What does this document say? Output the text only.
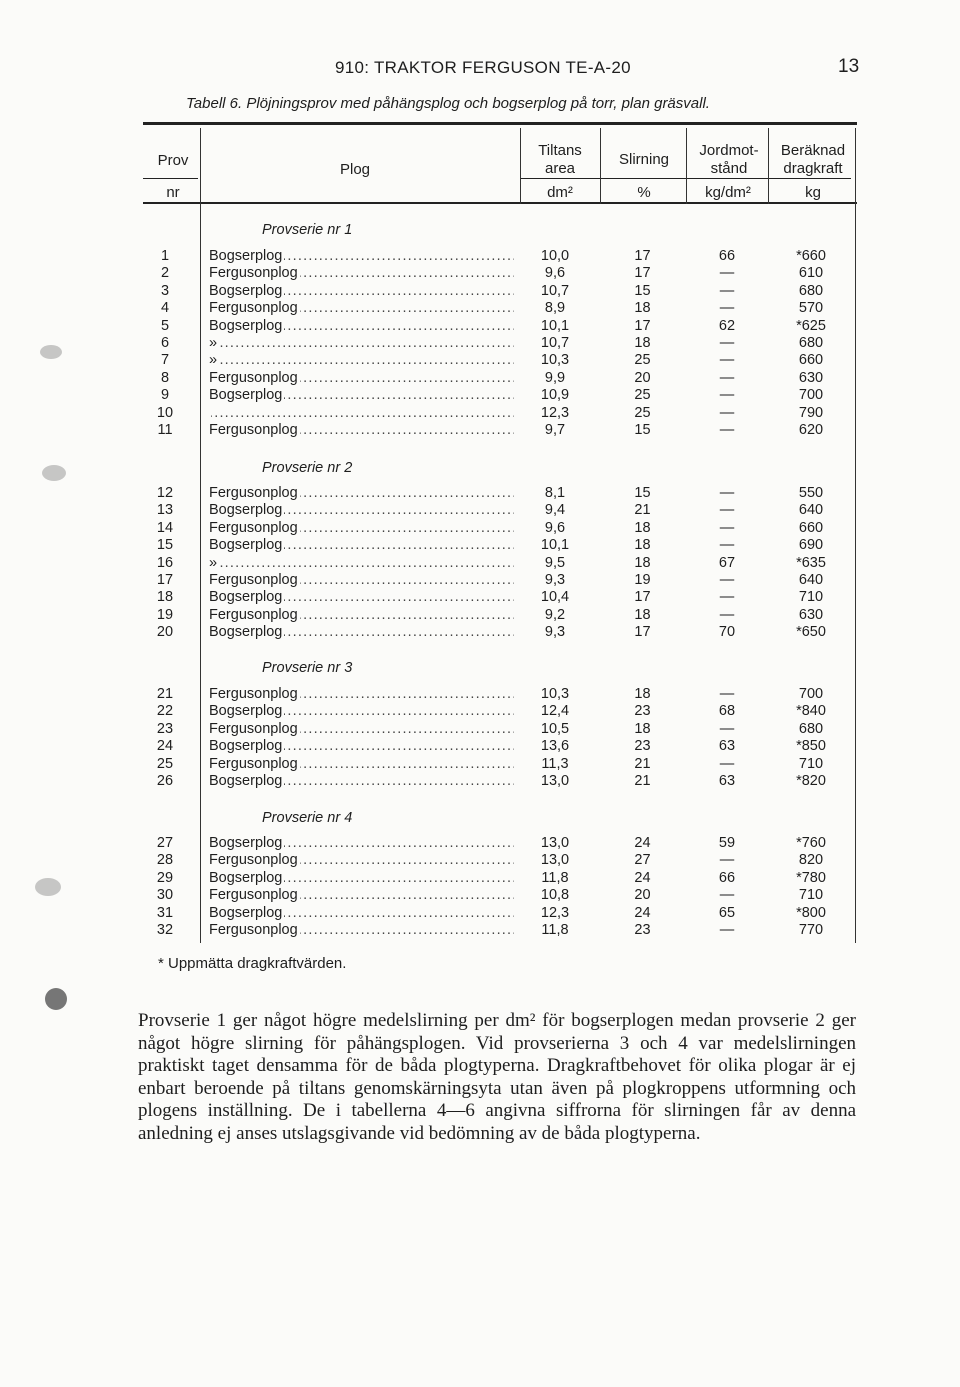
910: TRAKTOR FERGUSON TE-A-20	13
Tabell 6. Plöjningsprov med påhängsplog och bogserplog på torr, plan gräsvall.
Prov
nr
Plog
Tiltans area
dm²
Slirning
%
Jordmot-stånd
kg/dm²
Beräknad dragkraft
kg
Provserie nr 1
1	Bogserplog .....	10,0	17	66	*660
2	Fergusonplog .....	9,6	17	—	610
3	Bogserplog .....	10,7	15	—	680
4	Fergusonplog .....	8,9	18	—	570
5	Bogserplog .....	10,1	17	62	*625
6	» .....	10,7	18	—	680
7	» .....	10,3	25	—	660
8	Fergusonplog .....	9,9	20	—	630
9	Bogserplog .....	10,9	25	—	700
10
.....	12,3	25	—	790
11	Fergusonplog .....	9,7	15	—	620
Provserie nr 2
12	Fergusonplog .....	8,1	15	—	550
13	Bogserplog .....	9,4	21	—	640
14	Fergusonplog .....	9,6	18	—	660
15	Bogserplog .....	10,1	18	—	690
16	» .....	9,5	18	67	*635
17	Fergusonplog .....	9,3	19	—	640
18	Bogserplog .....	10,4	17	—	710
19	Fergusonplog .....	9,2	18	—	630
20	Bogserplog .....	9,3	17	70	*650
Provserie nr 3
21	Fergusonplog .....	10,3	18	—	700
22	Bogserplog .....	12,4	23	68	*840
23	Fergusonplog .....	10,5	18	—	680
24	Bogserplog .....	13,6	23	63	*850
25	Fergusonplog .....	11,3	21	—	710
26	Bogserplog .....	13,0	21	63	*820
Provserie nr 4
27	Bogserplog .....	13,0	24	59	*760
28	Fergusonplog .....	13,0	27	—	820
29	Bogserplog .....	11,8	24	66	*780
30	Fergusonplog .....	10,8	20	—	710
31	Bogserplog .....	12,3	24	65	*800
32	Fergusonplog .....	11,8	23	—	770
* Uppmätta dragkraftvärden.
Provserie 1 ger något högre medelslirning per dm² för bogserplogen medan provserie 2 ger något högre slirning för påhängsplogen. Vid provserierna 3 och 4 var medelslirningen praktiskt taget densamma för de båda plogtyperna. Dragkraftbehovet för olika plogar är ej enbart beroende på tiltans genomskärningsyta utan även på plogkroppens utformning och plogens inställning. De i tabellerna 4—6 angivna siffrorna för slirningen får av denna anledning ej anses utslagsgivande vid bedömning av de båda plogtyperna.
